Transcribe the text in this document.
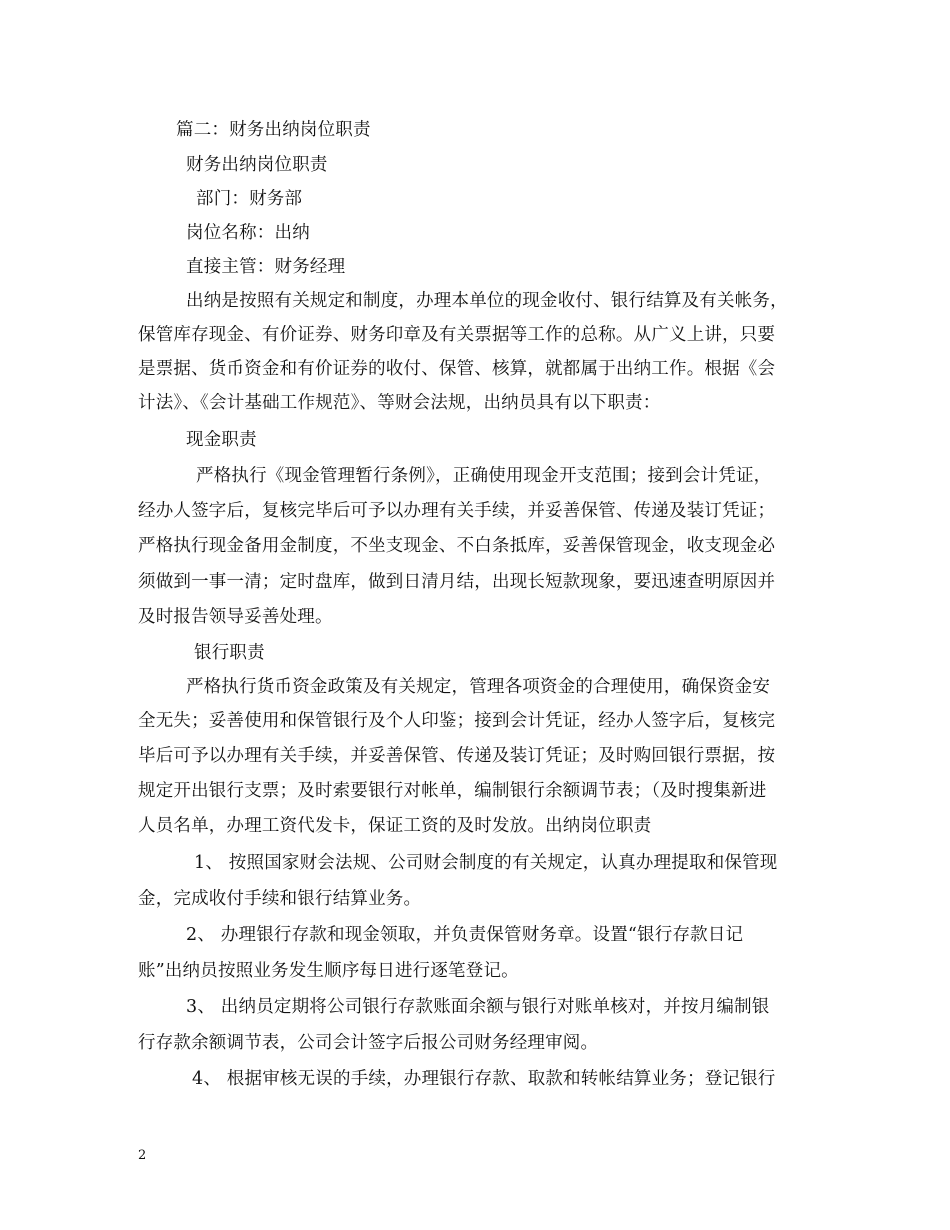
篇二：财务出纳岗位职责
财务出纳岗位职责
部门：财务部
岗位名称：出纳
直接主管：财务经理
出纳是按照有关规定和制度，办理本单位的现金收付、银行结算及有关帐务，
保管库存现金、有价证券、财务印章及有关票据等工作的总称。从广义上讲，只要
是票据、货币资金和有价证券的收付、保管、核算，就都属于出纳工作。根据《会
计法》、《会计基础工作规范》、等财会法规，出纳员具有以下职责：
现金职责
严格执行《现金管理暂行条例》，正确使用现金开支范围；接到会计凭证，
经办人签字后，复核完毕后可予以办理有关手续，并妥善保管、传递及装订凭证；
严格执行现金备用金制度，不坐支现金、不白条抵库，妥善保管现金，收支现金必
须做到一事一清；定时盘库，做到日清月结，出现长短款现象，要迅速查明原因并
及时报告领导妥善处理。
银行职责
严格执行货币资金政策及有关规定，管理各项资金的合理使用，确保资金安
全无失；妥善使用和保管银行及个人印鉴；接到会计凭证，经办人签字后，复核完
毕后可予以办理有关手续，并妥善保管、传递及装订凭证；及时购回银行票据，按
规定开出银行支票；及时索要银行对帐单，编制银行余额调节表；（及时搜集新进
人员名单，办理工资代发卡，保证工资的及时发放。出纳岗位职责
1、 按照国家财会法规、公司财会制度的有关规定，认真办理提取和保管现
金，完成收付手续和银行结算业务。
2、 办理银行存款和现金领取，并负责保管财务章。设置“银行存款日记
账”出纳员按照业务发生顺序每日进行逐笔登记。
3、 出纳员定期将公司银行存款账面余额与银行对账单核对，并按月编制银
行存款余额调节表，公司会计签字后报公司财务经理审阅。
4、 根据审核无误的手续，办理银行存款、取款和转帐结算业务；登记银行
2
